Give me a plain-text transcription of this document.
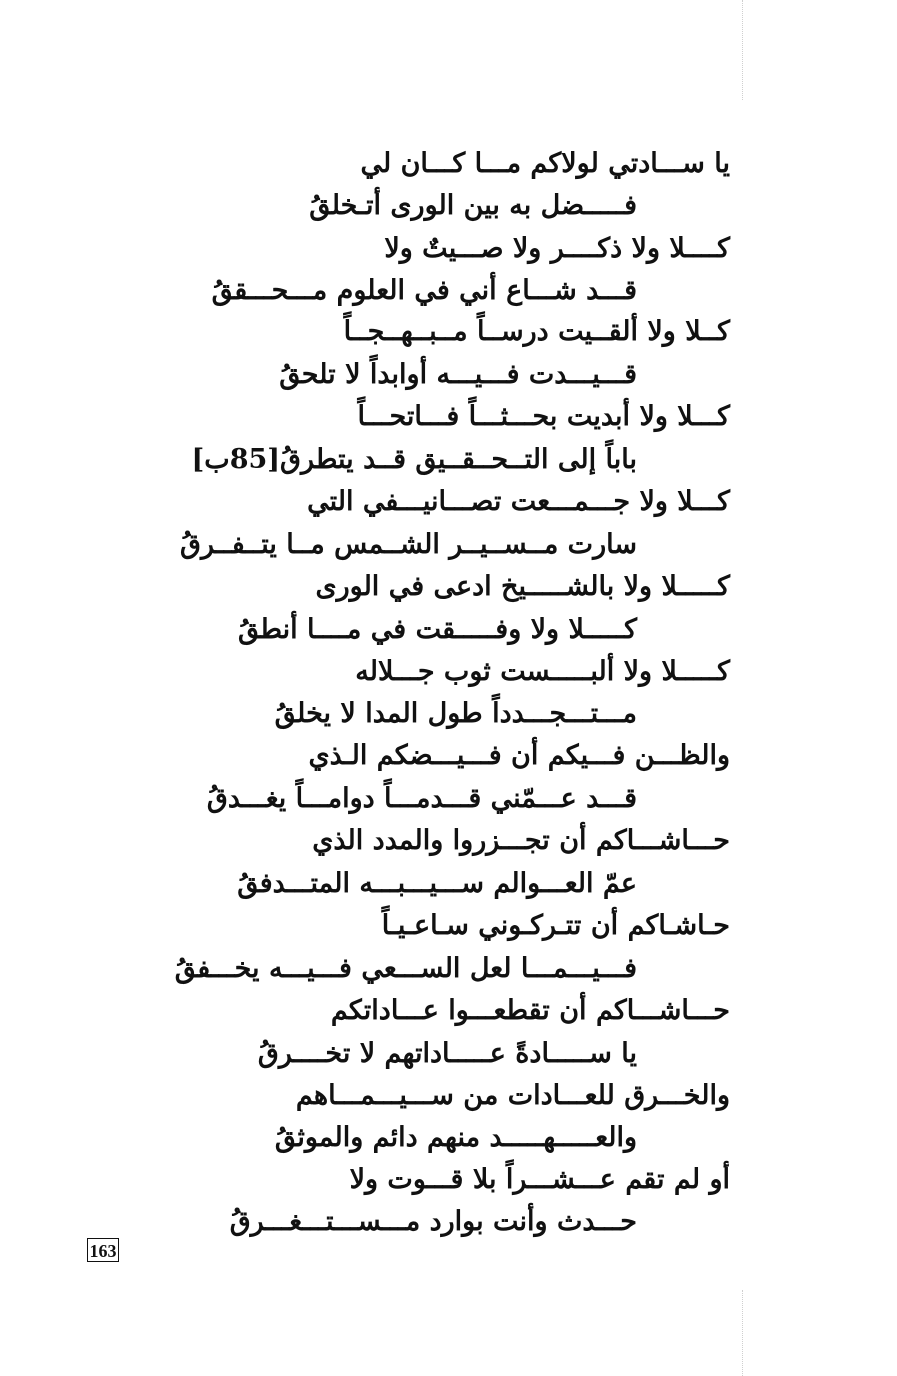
يا ســـادتي لولاكم مـــا كـــان لي
فـــــضل به بين الورى أتـخلقُ
كــــلا ولا ذكــــر ولا صـــيتٌ ولا
قـــد شـــاع أني في العلوم مـــحـــققُ
كــلا ولا ألقــيت درســاً مــبــهــجــاً
قـــيـــدت فـــيـــه أوابداً لا تلحقُ
كـــلا ولا أبديت بحـــثـــاً فـــاتحـــاً
باباً إلى التــحــقــيق قــد يتطرقُ[85ب]
كـــلا ولا جـــمـــعت تصـــانيـــفي التي
سارت مــســيــر الشــمس مــا يتــفــرقُ
كـــــلا ولا بالشـــــيخ ادعى في الورى
كـــــلا ولا وفـــــقت في مــــا أنطقُ
كـــــلا ولا ألبـــــست ثوب جـــلاله
مـــتـــجـــدداً طول المدا لا يخلقُ
والظـــن فـــيكم أن فـــيـــضكم الـذي
قـــد عـــمّني قـــدمـــاً دوامـــاً يغـــدقُ
حـــاشـــاكم أن تجـــزروا والمدد الذي
عمّ العـــوالم ســـيـــبـــه المتـــدفقُ
حـاشـاكم أن تتـركـوني سـاعـيـاً
فـــيـــمـــا لعل الســـعي فـــيـــه يخـــفقُ
حـــاشـــاكم أن تقطعـــوا عـــاداتكم
يا ســـــادةً عـــــاداتهم لا تخــــرقُ
والخـــرق للعـــادات من ســـيـــمـــاهم
والعـــــهـــــد منهم دائم والموثقُ
أو لم تقم عـــشـــراً بلا قـــوت ولا
حـــدث وأنت بوارد مـــســـتـــغـــرقُ
163
